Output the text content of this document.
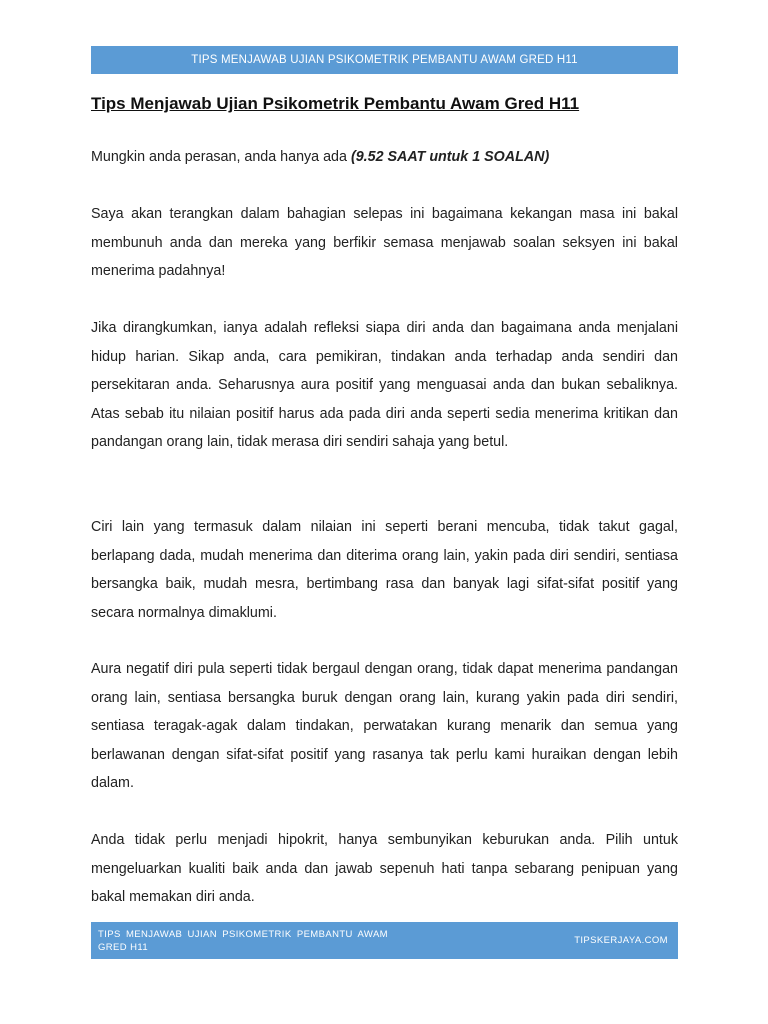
TIPS MENJAWAB UJIAN PSIKOMETRIK PEMBANTU AWAM GRED H11
Tips Menjawab Ujian Psikometrik Pembantu Awam Gred H11

Mungkin anda perasan, anda hanya ada (9.52 SAAT untuk 1 SOALAN)

Saya akan terangkan dalam bahagian selepas ini bagaimana kekangan masa ini bakal membunuh anda dan mereka yang berfikir semasa menjawab soalan seksyen ini bakal menerima padahnya!

Jika dirangkumkan, ianya adalah refleksi siapa diri anda dan bagaimana anda menjalani hidup harian. Sikap anda, cara pemikiran, tindakan anda terhadap anda sendiri dan persekitaran anda. Seharusnya aura positif yang menguasai anda dan bukan sebaliknya. Atas sebab itu nilaian positif harus ada pada diri anda seperti sedia menerima kritikan dan pandangan orang lain, tidak merasa diri sendiri sahaja yang betul.

Ciri lain yang termasuk dalam nilaian ini seperti berani mencuba, tidak takut gagal, berlapang dada, mudah menerima dan diterima orang lain, yakin pada diri sendiri, sentiasa bersangka baik, mudah mesra, bertimbang rasa dan banyak lagi sifat-sifat positif yang secara normalnya dimaklumi.

Aura negatif diri pula seperti tidak bergaul dengan orang, tidak dapat menerima pandangan orang lain, sentiasa bersangka buruk dengan orang lain, kurang yakin pada diri sendiri, sentiasa teragak-agak dalam tindakan, perwatakan kurang menarik dan semua yang berlawanan dengan sifat-sifat positif yang rasanya tak perlu kami huraikan dengan lebih dalam.

Anda tidak perlu menjadi hipokrit, hanya sembunyikan keburukan anda. Pilih untuk mengeluarkan kualiti baik anda dan jawab sepenuh hati tanpa sebarang penipuan yang bakal memakan diri anda.

TIPS MENJAWAB UJIAN PSIKOMETRIK PEMBANTU AWAM GRED H11
TIPSKERJAYA.COM
